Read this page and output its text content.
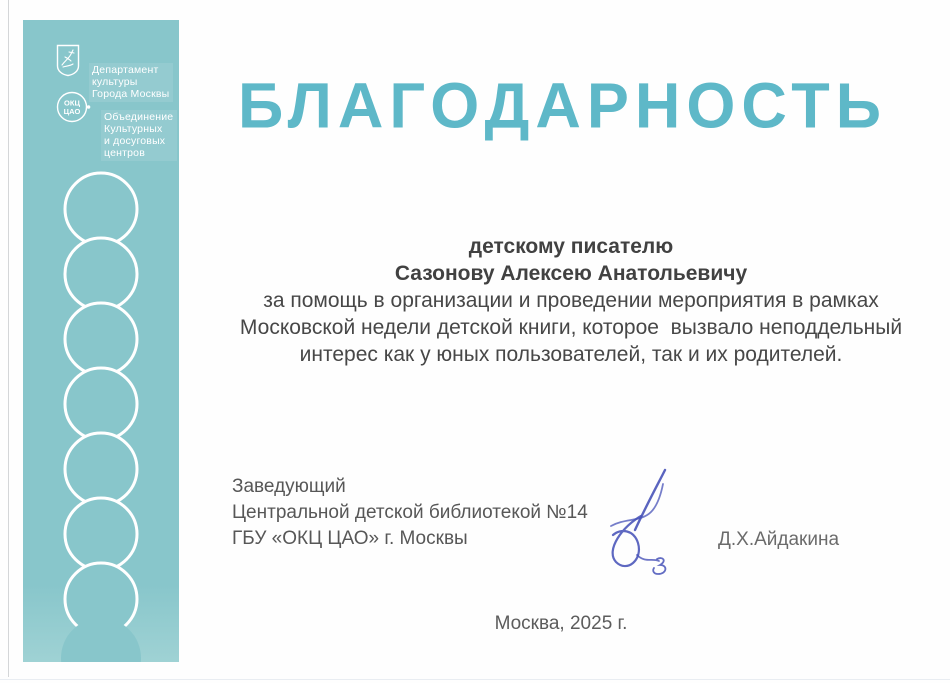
Департамент
культуры
Города Москвы
ОКЦ
ЦАО Объединение
Культурных
и досуговых
центров
БЛАГОДАРНОСТЬ
детскому писателю
Сазонову Алексею Анатольевичу
за помощь в организации и проведении мероприятия в рамках
Московской недели детской книги, которое  вызвало неподдельный
интерес как у юных пользователей, так и их родителей.
Заведующий
Центральной детской библиотекой №14
ГБУ «ОКЦ ЦАО» г. Москвы	Д.Х.Айдакина
Москва, 2025 г.
